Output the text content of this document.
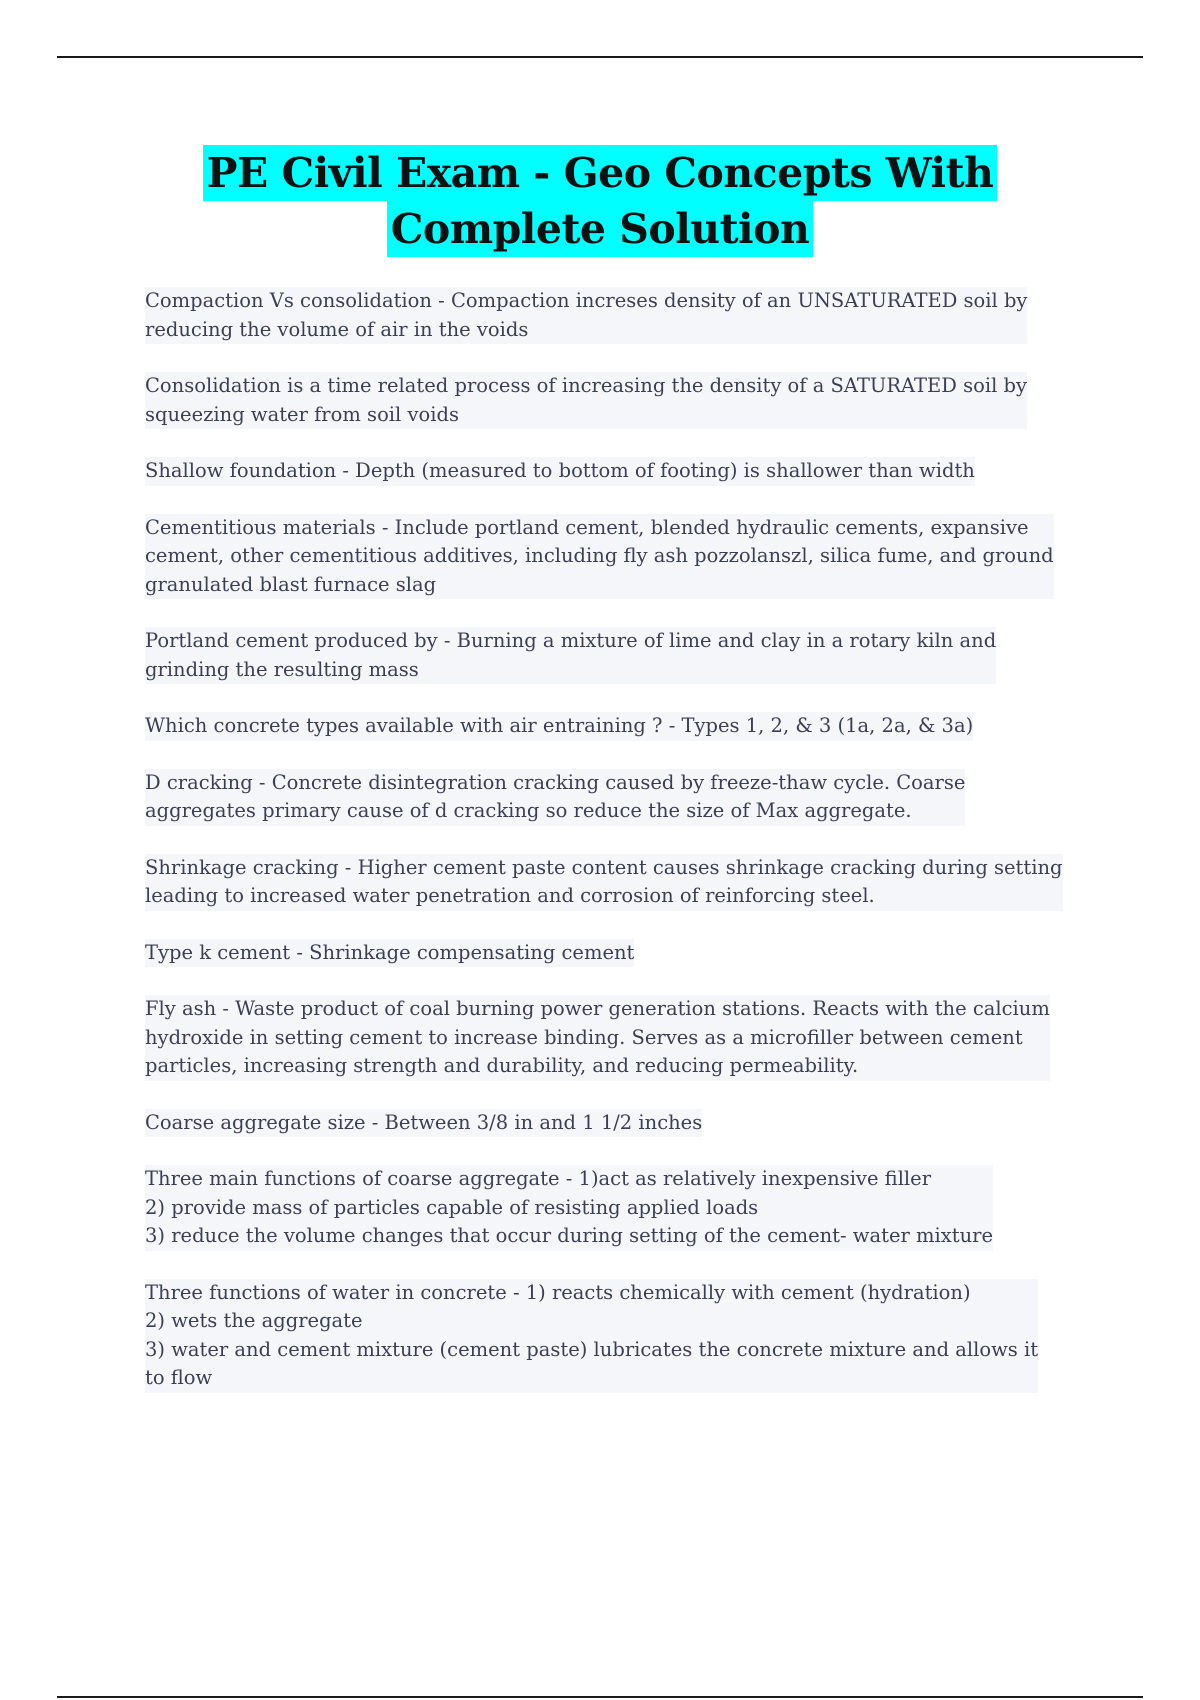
PE Civil Exam - Geo Concepts With
Complete Solution
Compaction Vs consolidation - Compaction increses density of an UNSATURATED soil by
reducing the volume of air in the voids
Consolidation is a time related process of increasing the density of a SATURATED soil by
squeezing water from soil voids
Shallow foundation - Depth (measured to bottom of footing) is shallower than width
Cementitious materials - Include portland cement, blended hydraulic cements, expansive
cement, other cementitious additives, including fly ash pozzolanszl, silica fume, and ground
granulated blast furnace slag
Portland cement produced by - Burning a mixture of lime and clay in a rotary kiln and
grinding the resulting mass
Which concrete types available with air entraining ? - Types 1, 2, & 3 (1a, 2a, & 3a)
D cracking - Concrete disintegration cracking caused by freeze-thaw cycle. Coarse
aggregates primary cause of d cracking so reduce the size of Max aggregate.
Shrinkage cracking - Higher cement paste content causes shrinkage cracking during setting
leading to increased water penetration and corrosion of reinforcing steel.
Type k cement - Shrinkage compensating cement
Fly ash - Waste product of coal burning power generation stations. Reacts with the calcium
hydroxide in setting cement to increase binding. Serves as a microfiller between cement
particles, increasing strength and durability, and reducing permeability.
Coarse aggregate size - Between 3/8 in and 1 1/2 inches
Three main functions of coarse aggregate - 1)act as relatively inexpensive filler
2) provide mass of particles capable of resisting applied loads
3) reduce the volume changes that occur during setting of the cement- water mixture
Three functions of water in concrete - 1) reacts chemically with cement (hydration)
2) wets the aggregate
3) water and cement mixture (cement paste) lubricates the concrete mixture and allows it
to flow
